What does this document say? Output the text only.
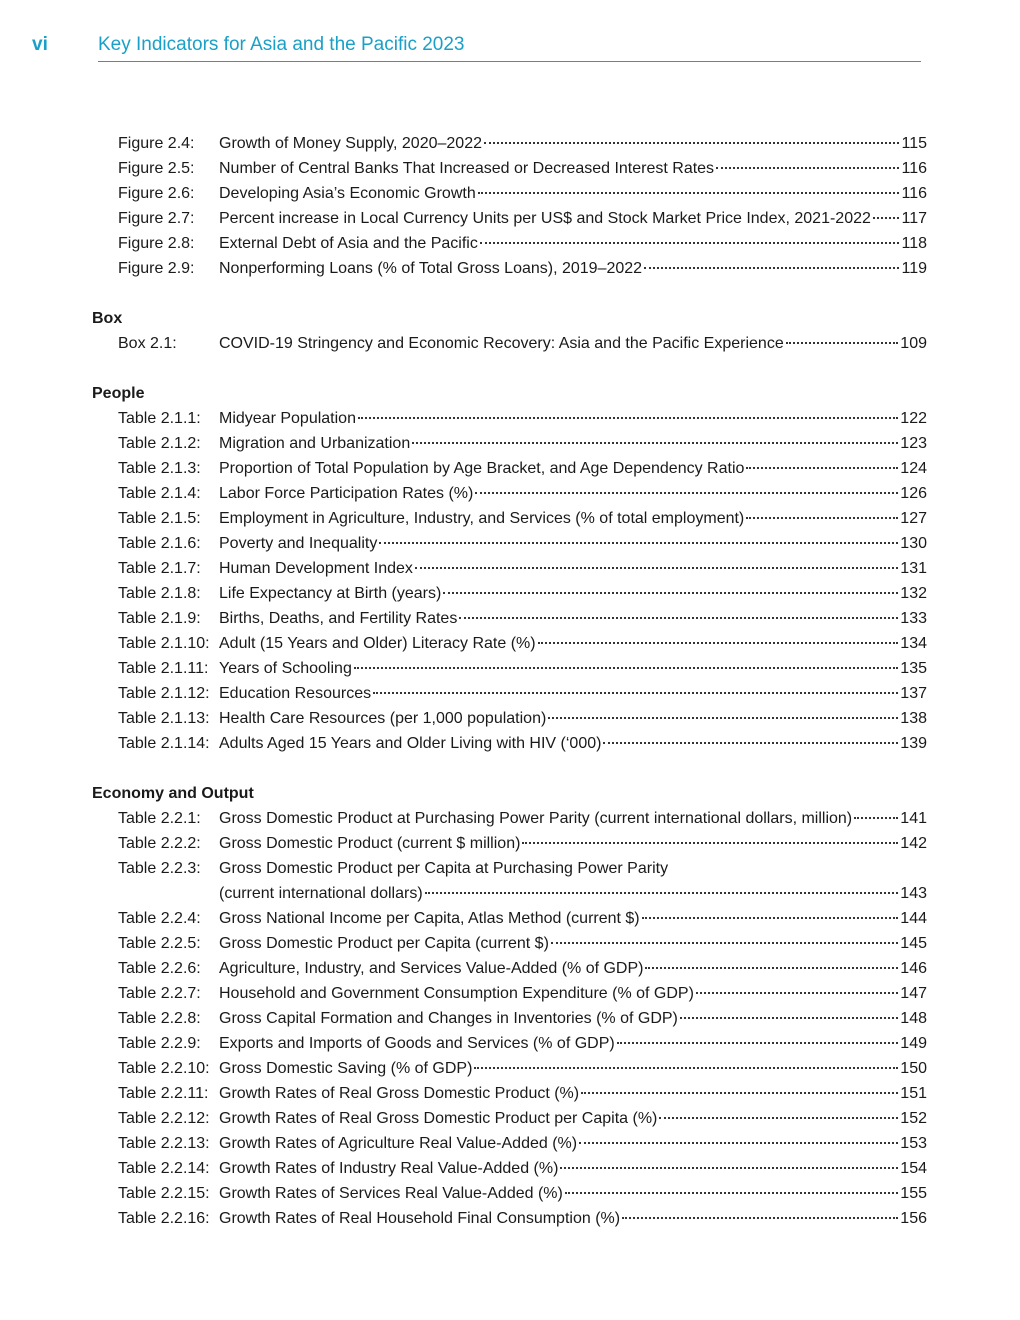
vi	Key Indicators for Asia and the Pacific 2023
Figure 2.4: Growth of Money Supply, 2020–2022	115
Figure 2.5: Number of Central Banks That Increased or Decreased Interest Rates	116
Figure 2.6: Developing Asia’s Economic Growth	116
Figure 2.7: Percent increase in Local Currency Units per US$ and Stock Market Price Index, 2021-2022 117
Figure 2.8: External Debt of Asia and the Pacific	118
Figure 2.9: Nonperforming Loans (% of Total Gross Loans), 2019–2022	119
Box
Box 2.1:	COVID-19 Stringency and Economic Recovery: Asia and the Pacific Experience	109
People
Table 2.1.1: Midyear Population	122
Table 2.1.2: Migration and Urbanization	123
Table 2.1.3: Proportion of Total Population by Age Bracket, and Age Dependency Ratio	124
Table 2.1.4: Labor Force Participation Rates (%)	126
Table 2.1.5: Employment in Agriculture, Industry, and Services (% of total employment)	127
Table 2.1.6: Poverty and Inequality	130
Table 2.1.7: Human Development Index	131
Table 2.1.8: Life Expectancy at Birth (years)	132
Table 2.1.9: Births, Deaths, and Fertility Rates	133
Table 2.1.10: Adult (15 Years and Older) Literacy Rate (%)	134
Table 2.1.11: Years of Schooling	135
Table 2.1.12: Education Resources	137
Table 2.1.13: Health Care Resources (per 1,000 population)	138
Table 2.1.14: Adults Aged 15 Years and Older Living with HIV (‘000)	139
Economy and Output
Table 2.2.1: Gross Domestic Product at Purchasing Power Parity (current international dollars, million)	141
Table 2.2.2: Gross Domestic Product (current $ million)	142
Table 2.2.3: Gross Domestic Product per Capita at Purchasing Power Parity
(current international dollars)	143
Table 2.2.4: Gross National Income per Capita, Atlas Method (current $)	144
Table 2.2.5: Gross Domestic Product per Capita (current $)	145
Table 2.2.6: Agriculture, Industry, and Services Value-Added (% of GDP)	146
Table 2.2.7: Household and Government Consumption Expenditure (% of GDP)	147
Table 2.2.8: Gross Capital Formation and Changes in Inventories (% of GDP)	148
Table 2.2.9: Exports and Imports of Goods and Services (% of GDP)	149
Table 2.2.10: Gross Domestic Saving (% of GDP)	150
Table 2.2.11: Growth Rates of Real Gross Domestic Product (%)	151
Table 2.2.12: Growth Rates of Real Gross Domestic Product per Capita (%)	152
Table 2.2.13: Growth Rates of Agriculture Real Value-Added (%)	153
Table 2.2.14: Growth Rates of Industry Real Value-Added (%)	154
Table 2.2.15: Growth Rates of Services Real Value-Added (%)	155
Table 2.2.16: Growth Rates of Real Household Final Consumption (%)	156
